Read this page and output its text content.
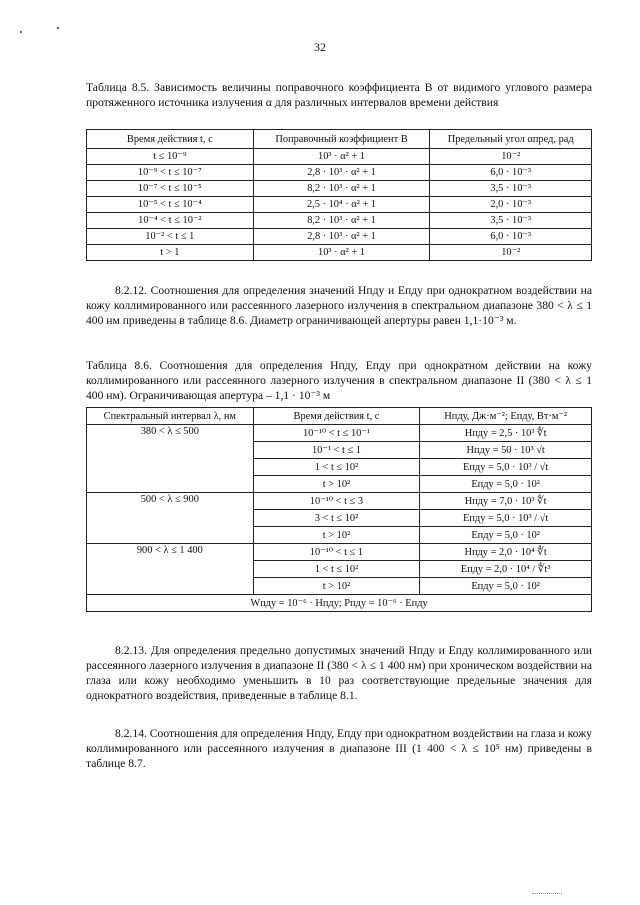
32
Таблица 8.5. Зависимость величины поправочного коэффициента B от видимого углового размера протяженного источника излучения α для различных интервалов времени действия
Время действия t, с	Поправочный коэффициент B	Предельный угол αпред, рад
t ≤ 10⁻⁹	10³ · α² + 1	10⁻²
10⁻⁹ < t ≤ 10⁻⁷	2,8 · 10³ · α² + 1	6,0 · 10⁻³
10⁻⁷ < t ≤ 10⁻⁵	8,2 · 10³ · α² + 1	3,5 · 10⁻³
10⁻⁵ < t ≤ 10⁻⁴	2,5 · 10⁴ · α² + 1	2,0 · 10⁻³
10⁻⁴ < t ≤ 10⁻²	8,2 · 10³ · α² + 1	3,5 · 10⁻³
10⁻² < t ≤ 1	2,8 · 10³ · α² + 1	6,0 · 10⁻³
t > 1	10³ · α² + 1	10⁻²
8.2.12. Соотношения для определения значений Hпду и Eпду при однократном воздействии на кожу коллимированного или рассеянного лазерного излучения в спектральном диапазоне 380 < λ ≤ 1 400 нм приведены в таблице 8.6. Диаметр ограничивающей апертуры равен 1,1·10⁻³ м.
Таблица 8.6. Соотношения для определения Hпду, Eпду при однократном действии на кожу коллимированного или рассеянного лазерного излучения в спектральном диапазоне II (380 < λ ≤ 1 400 нм). Ограничивающая апертура – 1,1 · 10⁻³ м
Спектральный интервал λ, нм	Время действия t, с	Hпду, Дж·м⁻²; Eпду, Вт·м⁻²
380 < λ ≤ 500	10⁻¹⁰ < t ≤ 10⁻¹	Hпду = 2,5 · 10³ ∜t
	10⁻¹ < t ≤ 1	Hпду = 50 · 10³ √t
	1 < t ≤ 10²	Eпду = 5,0 · 10³ / √t
	t > 10²	Eпду = 5,0 · 10²
500 < λ ≤ 900	10⁻¹⁰ < t ≤ 3	Hпду = 7,0 · 10³ ∜t
	3 < t ≤ 10²	Eпду = 5,0 · 10³ / √t
	t > 10²	Eпду = 5,0 · 10²
900 < λ ≤ 1 400	10⁻¹⁰ < t ≤ 1	Hпду = 2,0 · 10⁴ ∜t
	1 < t ≤ 10²	Eпду = 2,0 · 10⁴ / ∜t³
	t > 10²	Eпду = 5,0 · 10²
Wпду = 10⁻⁶ · Hпду; Pпду = 10⁻⁶ · Eпду		
8.2.13. Для определения предельно допустимых значений Hпду и Eпду коллимированного или рассеянного лазерного излучения в диапазоне II (380 < λ ≤ 1 400 нм) при хроническом воздействии на глаза или кожу необходимо уменьшить в 10 раз соответствующие предельные значения для однократного воздействия, приведенные в таблице 8.1.
8.2.14. Соотношения для определения Hпду, Eпду при однократном воздействии на глаза и кожу коллимированного или рассеянного излучения в диапазоне III (1 400 < λ ≤ 10⁵ нм) приведены в таблице 8.7.
